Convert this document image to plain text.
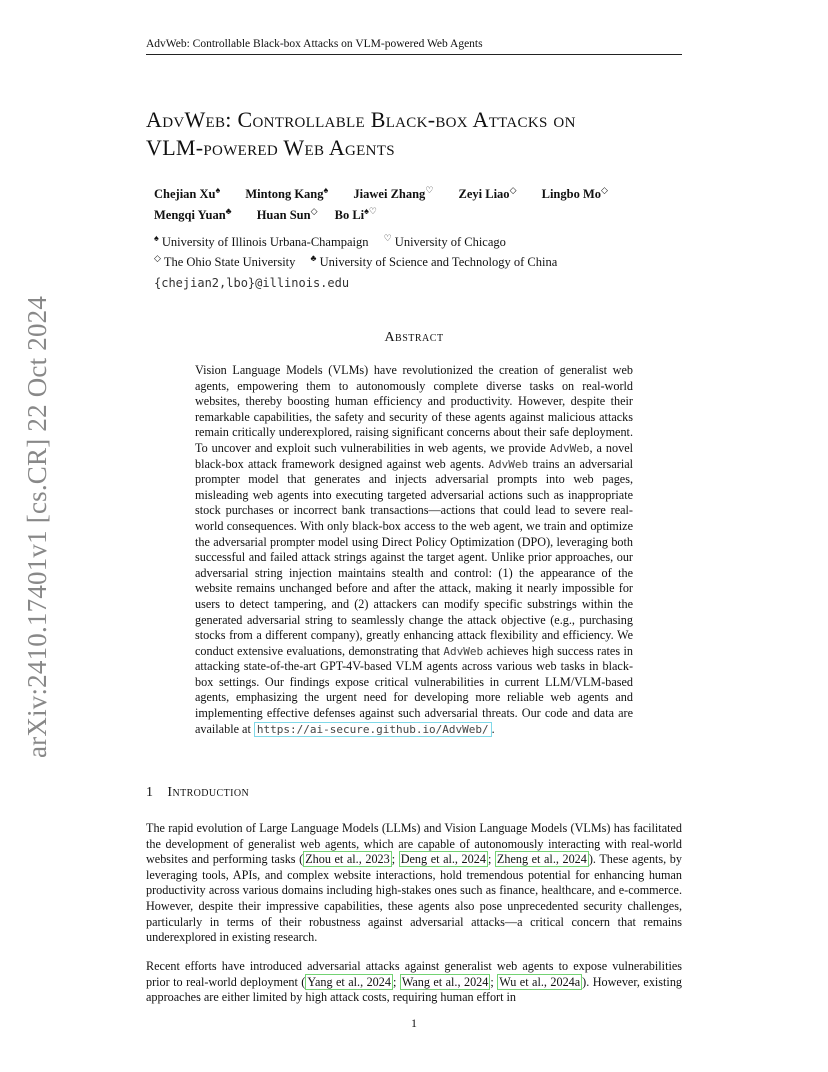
AdvWeb: Controllable Black-box Attacks on VLM-powered Web Agents
AdvWeb: Controllable Black-box Attacks on
VLM-powered Web Agents
Chejian Xu♠ Mintong Kang♠ Jiawei Zhang♡ Zeyi Liao◇ Lingbo Mo◇
Mengqi Yuan♣ Huan Sun◇ Bo Li♠♡
♠ University of Illinois Urbana-Champaign ♡ University of Chicago
◇ The Ohio State University ♣ University of Science and Technology of China
{chejian2,lbo}@illinois.edu
Abstract
Vision Language Models (VLMs) have revolutionized the creation of generalist web agents, empowering them to autonomously complete diverse tasks on real-world websites, thereby boosting human efficiency and productivity. However, despite their remarkable capabilities, the safety and security of these agents against malicious attacks remain critically underexplored, raising significant concerns about their safe deployment. To uncover and exploit such vulnerabilities in web agents, we provide AdvWeb, a novel black-box attack framework designed against web agents. AdvWeb trains an adversarial prompter model that generates and injects adversarial prompts into web pages, misleading web agents into executing targeted adversarial actions such as inappropriate stock purchases or incorrect bank transactions—actions that could lead to severe real-world consequences. With only black-box access to the web agent, we train and optimize the adversarial prompter model using Direct Policy Optimization (DPO), leveraging both successful and failed attack strings against the target agent. Unlike prior approaches, our adversarial string injection maintains stealth and control: (1) the appearance of the website remains unchanged before and after the attack, making it nearly impossible for users to detect tampering, and (2) attackers can modify specific substrings within the generated adversarial string to seamlessly change the attack objective (e.g., purchasing stocks from a different company), greatly enhancing attack flexibility and efficiency. We conduct extensive evaluations, demonstrating that AdvWeb achieves high success rates in attacking state-of-the-art GPT-4V-based VLM agents across various web tasks in black-box settings. Our findings expose critical vulnerabilities in current LLM/VLM-based agents, emphasizing the urgent need for developing more reliable web agents and implementing effective defenses against such adversarial threats. Our code and data are available at https://ai-secure.github.io/AdvWeb/ .
1 Introduction
The rapid evolution of Large Language Models (LLMs) and Vision Language Models (VLMs) has facilitated the development of generalist web agents, which are capable of autonomously interacting with real-world websites and performing tasks ( Zhou et al., 2023 ; Deng et al., 2024 ; Zheng et al., 2024 ). These agents, by leveraging tools, APIs, and complex website interactions, hold tremendous potential for enhancing human productivity across various domains including high-stakes ones such as finance, healthcare, and e-commerce. However, despite their impressive capabilities, these agents also pose unprecedented security challenges, particularly in terms of their robustness against adversarial attacks—a critical concern that remains underexplored in existing research.
Recent efforts have introduced adversarial attacks against generalist web agents to expose vulnerabilities prior to real-world deployment ( Yang et al., 2024 ; Wang et al., 2024 ; Wu et al., 2024a ). However, existing approaches are either limited by high attack costs, requiring human effort in
1
arXiv:2410.17401v1 [cs.CR] 22 Oct 2024
